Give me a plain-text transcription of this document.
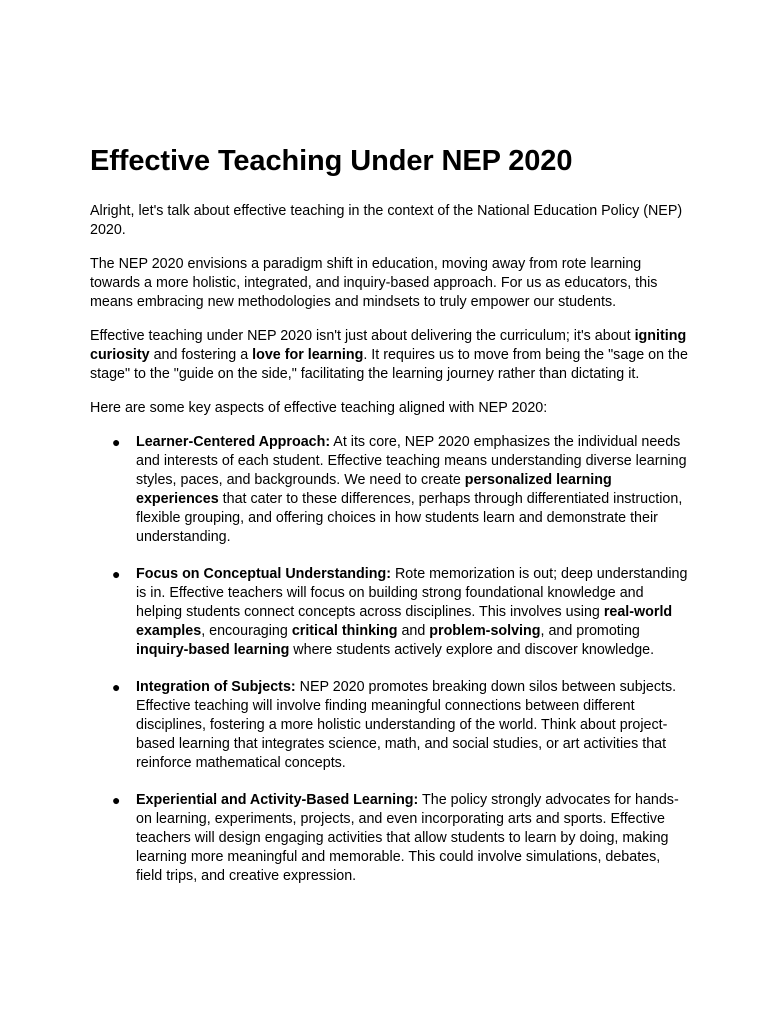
Effective Teaching Under NEP 2020

Alright, let's talk about effective teaching in the context of the National Education Policy (NEP) 2020.

The NEP 2020 envisions a paradigm shift in education, moving away from rote learning towards a more holistic, integrated, and inquiry-based approach. For us as educators, this means embracing new methodologies and mindsets to truly empower our students.

Effective teaching under NEP 2020 isn't just about delivering the curriculum; it's about igniting curiosity and fostering a love for learning. It requires us to move from being the "sage on the stage" to the "guide on the side," facilitating the learning journey rather than dictating it.

Here are some key aspects of effective teaching aligned with NEP 2020:

● Learner-Centered Approach: At its core, NEP 2020 emphasizes the individual needs and interests of each student. Effective teaching means understanding diverse learning styles, paces, and backgrounds. We need to create personalized learning experiences that cater to these differences, perhaps through differentiated instruction, flexible grouping, and offering choices in how students learn and demonstrate their understanding.
● Focus on Conceptual Understanding: Rote memorization is out; deep understanding is in. Effective teachers will focus on building strong foundational knowledge and helping students connect concepts across disciplines. This involves using real-world examples, encouraging critical thinking and problem-solving, and promoting inquiry-based learning where students actively explore and discover knowledge.
● Integration of Subjects: NEP 2020 promotes breaking down silos between subjects. Effective teaching will involve finding meaningful connections between different disciplines, fostering a more holistic understanding of the world. Think about project-based learning that integrates science, math, and social studies, or art activities that reinforce mathematical concepts.
● Experiential and Activity-Based Learning: The policy strongly advocates for hands-on learning, experiments, projects, and even incorporating arts and sports. Effective teachers will design engaging activities that allow students to learn by doing, making learning more meaningful and memorable. This could involve simulations, debates, field trips, and creative expression.
